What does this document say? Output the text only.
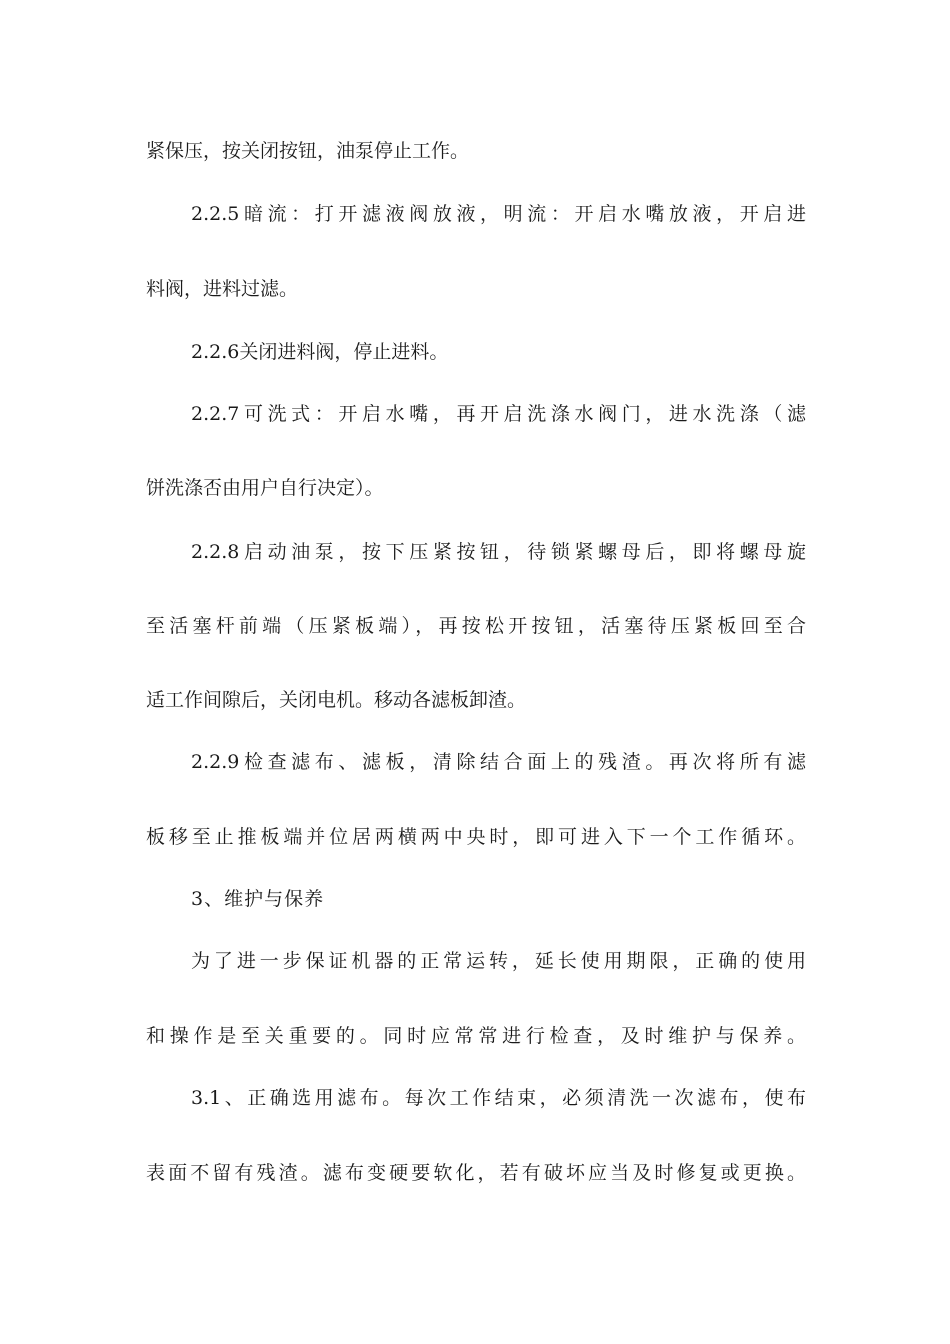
紧保压，按关闭按钮，油泵停止工作。
2.2.5暗流：打开滤液阀放液，明流：开启水嘴放液，开启进
料阀，进料过滤。
2.2.6关闭进料阀，停止进料。
2.2.7可洗式：开启水嘴，再开启洗涤水阀门，进水洗涤（滤
饼洗涤否由用户自行决定）。
2.2.8启动油泵，按下压紧按钮，待锁紧螺母后，即将螺母旋
至活塞杆前端（压紧板端），再按松开按钮，活塞待压紧板回至合
适工作间隙后，关闭电机。移动各滤板卸渣。
2.2.9检查滤布、滤板，清除结合面上的残渣。再次将所有滤
板移至止推板端并位居两横两中央时，即可进入下一个工作循环。
3、维护与保养
为了进一步保证机器的正常运转，延长使用期限，正确的使用
和操作是至关重要的。同时应常常进行检查，及时维护与保养。
3.1、正确选用滤布。每次工作结束，必须清洗一次滤布，使布
表面不留有残渣。滤布变硬要软化，若有破坏应当及时修复或更换。
